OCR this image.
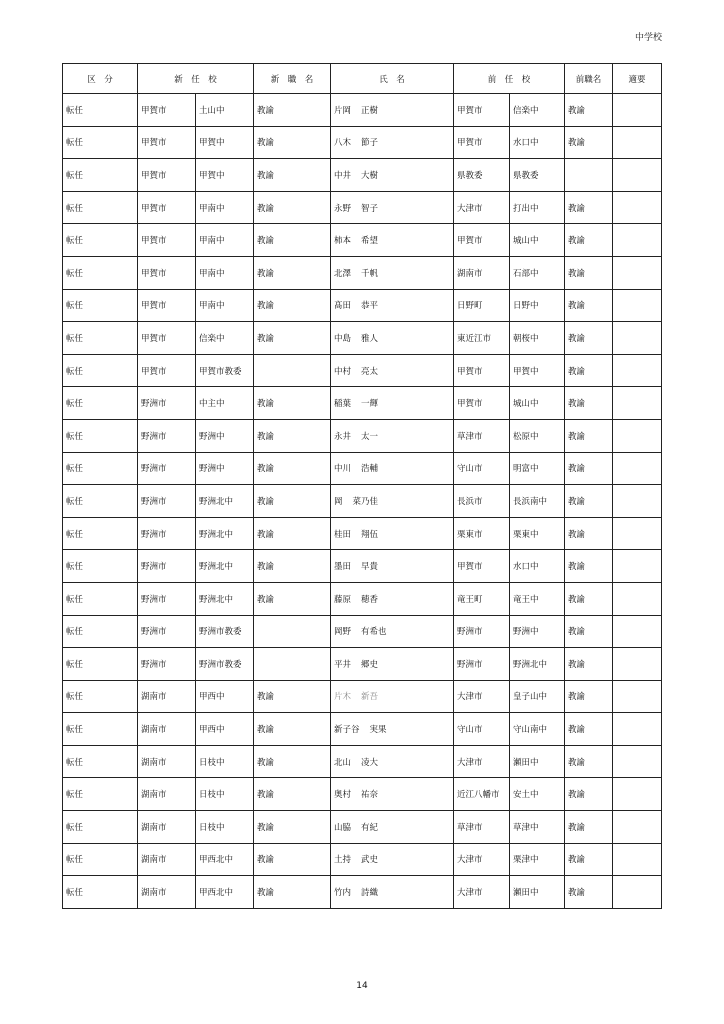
中学校
区　分	新　任　校		新　職　名	氏　名	前　任　校		前職名	適要
転任	甲賀市	土山中	教諭	片岡 正樹	甲賀市	信楽中	教諭	
転任	甲賀市	甲賀中	教諭	八木 節子	甲賀市	水口中	教諭	
転任	甲賀市	甲賀中	教諭	中井 大樹	県教委	県教委		
転任	甲賀市	甲南中	教諭	永野 智子	大津市	打出中	教諭	
転任	甲賀市	甲南中	教諭	柿本 希望	甲賀市	城山中	教諭	
転任	甲賀市	甲南中	教諭	北澤 千帆	湖南市	石部中	教諭	
転任	甲賀市	甲南中	教諭	髙田 恭平	日野町	日野中	教諭	
転任	甲賀市	信楽中	教諭	中島 雅人	東近江市	朝桜中	教諭	
転任	甲賀市	甲賀市教委		中村 亮太	甲賀市	甲賀中	教諭	
転任	野洲市	中主中	教諭	稲葉 一輝	甲賀市	城山中	教諭	
転任	野洲市	野洲中	教諭	永井 太一	草津市	松原中	教諭	
転任	野洲市	野洲中	教諭	中川 浩輔	守山市	明富中	教諭	
転任	野洲市	野洲北中	教諭	岡 菜乃佳	長浜市	長浜南中	教諭	
転任	野洲市	野洲北中	教諭	桂田 翔伍	栗東市	栗東中	教諭	
転任	野洲市	野洲北中	教諭	墨田 早貴	甲賀市	水口中	教諭	
転任	野洲市	野洲北中	教諭	藤原 穂香	竜王町	竜王中	教諭	
転任	野洲市	野洲市教委		岡野 有希也	野洲市	野洲中	教諭	
転任	野洲市	野洲市教委		平井 郷史	野洲市	野洲北中	教諭	
転任	湖南市	甲西中	教諭	片木 新吾	大津市	皇子山中	教諭	
転任	湖南市	甲西中	教諭	新子谷 実果	守山市	守山南中	教諭	
転任	湖南市	日枝中	教諭	北山 凌大	大津市	瀬田中	教諭	
転任	湖南市	日枝中	教諭	奥村 祐奈	近江八幡市	安土中	教諭	
転任	湖南市	日枝中	教諭	山脇 有紀	草津市	草津中	教諭	
転任	湖南市	甲西北中	教諭	土持 武史	大津市	栗津中	教諭	
転任	湖南市	甲西北中	教諭	竹内 詩織	大津市	瀬田中	教諭	
14
